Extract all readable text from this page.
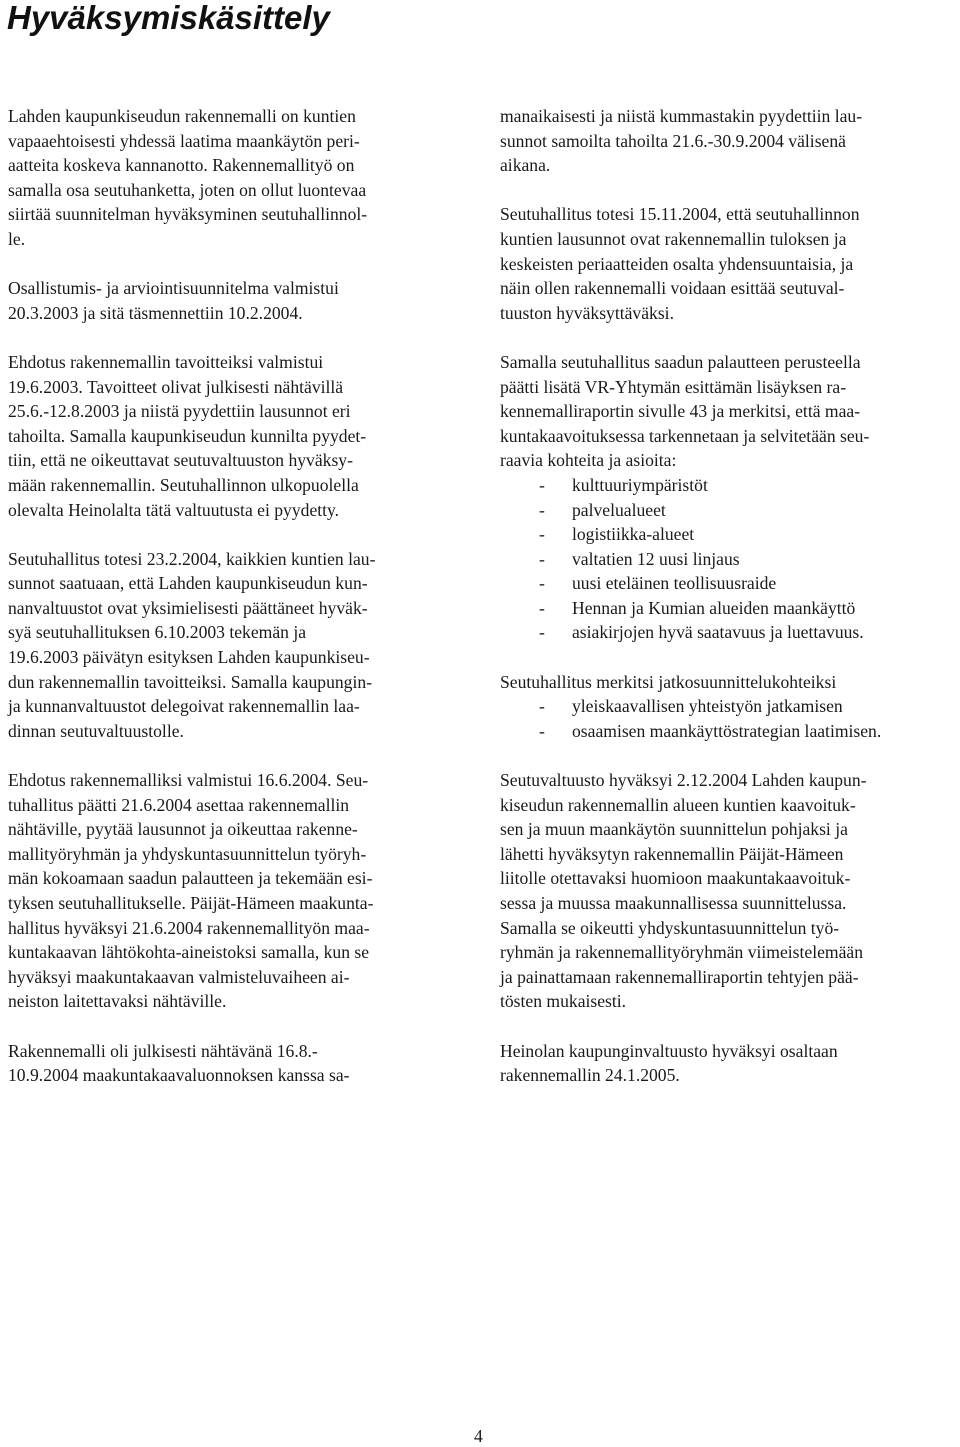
Hyväksymiskäsittely

Lahden kaupunkiseudun rakennemalli on kuntien
vapaaehtoisesti yhdessä laatima maankäytön peri-
aatteita koskeva kannanotto. Rakennemallityö on
samalla osa seutuhanketta, joten on ollut luontevaa
siirtää suunnitelman hyväksyminen seutuhallinnol-
le.

Osallistumis- ja arviointisuunnitelma valmistui
20.3.2003 ja sitä täsmennettiin 10.2.2004.

Ehdotus rakennemallin tavoitteiksi valmistui
19.6.2003. Tavoitteet olivat julkisesti nähtävillä
25.6.-12.8.2003 ja niistä pyydettiin lausunnot eri
tahoilta. Samalla kaupunkiseudun kunnilta pyydet-
tiin, että ne oikeuttavat seutuvaltuuston hyväksy-
mään rakennemallin. Seutuhallinnon ulkopuolella
olevalta Heinolalta tätä valtuutusta ei pyydetty.

Seutuhallitus totesi 23.2.2004, kaikkien kuntien lau-
sunnot saatuaan, että Lahden kaupunkiseudun kun-
nanvaltuustot ovat yksimielisesti päättäneet hyväk-
syä seutuhallituksen 6.10.2003 tekemän ja
19.6.2003 päivätyn esityksen Lahden kaupunkiseu-
dun rakennemallin tavoitteiksi. Samalla kaupungin-
ja kunnanvaltuustot delegoivat rakennemallin laa-
dinnan seutuvaltuustolle.

Ehdotus rakennemalliksi valmistui 16.6.2004. Seu-
tuhallitus päätti 21.6.2004 asettaa rakennemallin
nähtäville, pyytää lausunnot ja oikeuttaa rakenne-
mallityöryhmän ja yhdyskuntasuunnittelun työryh-
män kokoamaan saadun palautteen ja tekemään esi-
tyksen seutuhallitukselle. Päijät-Hämeen maakunta-
hallitus hyväksyi 21.6.2004 rakennemallityön maa-
kuntakaavan lähtökohta-aineistoksi samalla, kun se
hyväksyi maakuntakaavan valmisteluvaiheen ai-
neiston laitettavaksi nähtäville.

Rakennemalli oli julkisesti nähtävänä 16.8.-
10.9.2004 maakuntakaavaluonnoksen kanssa sa-

manaikaisesti ja niistä kummastakin pyydettiin lau-
sunnot samoilta tahoilta 21.6.-30.9.2004 välisenä
aikana.

Seutuhallitus totesi 15.11.2004, että seutuhallinnon
kuntien lausunnot ovat rakennemallin tuloksen ja
keskeisten periaatteiden osalta yhdensuuntaisia, ja
näin ollen rakennemalli voidaan esittää seutuval-
tuuston hyväksyttäväksi.

Samalla seutuhallitus saadun palautteen perusteella
päätti lisätä VR-Yhtymän esittämän lisäyksen ra-
kennemalliraportin sivulle 43 ja merkitsi, että maa-
kuntakaavoituksessa tarkennetaan ja selvitetään seu-
raavia kohteita ja asioita:

- kulttuuriympäristöt
- palvelualueet
- logistiikka-alueet
- valtatien 12 uusi linjaus
- uusi eteläinen teollisuusraide
- Hennan ja Kumian alueiden maankäyttö
- asiakirjojen hyvä saatavuus ja luettavuus.

Seutuhallitus merkitsi jatkosuunnittelukohteiksi

- yleiskaavallisen yhteistyön jatkamisen
- osaamisen maankäyttöstrategian laatimisen.

Seutuvaltuusto hyväksyi 2.12.2004 Lahden kaupun-
kiseudun rakennemallin alueen kuntien kaavoituk-
sen ja muun maankäytön suunnittelun pohjaksi ja
lähetti hyväksytyn rakennemallin Päijät-Hämeen
liitolle otettavaksi huomioon maakuntakaavoituk-
sessa ja muussa maakunnallisessa suunnittelussa.
Samalla se oikeutti yhdyskuntasuunnittelun työ-
ryhmän ja rakennemallityöryhmän viimeistelemään
ja painattamaan rakennemalliraportin tehtyjen pää-
tösten mukaisesti.

Heinolan kaupunginvaltuusto hyväksyi osaltaan
rakennemallin 24.1.2005.

4
